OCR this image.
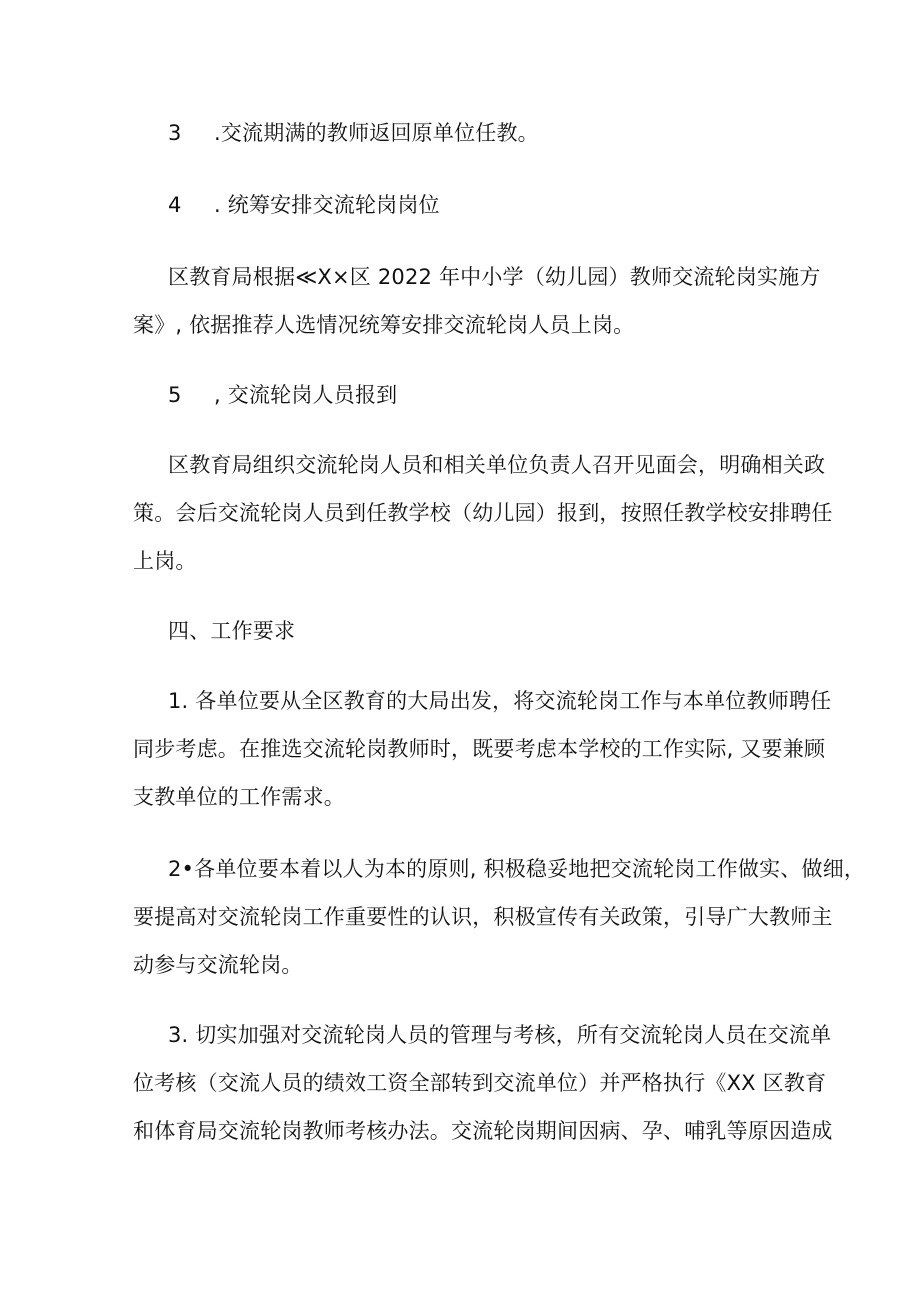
3 .交流期满的教师返回原单位任教。
4 . 统筹安排交流轮岗岗位
区教育局根据≪X×区 2022 年中小学（幼儿园）教师交流轮岗实施方
案》, 依据推荐人选情况统筹安排交流轮岗人员上岗。
5 , 交流轮岗人员报到
区教育局组织交流轮岗人员和相关单位负责人召开见面会，明确相关政
策。会后交流轮岗人员到任教学校（幼儿园）报到，按照任教学校安排聘任
上岗。
四、工作要求
1. 各单位要从全区教育的大局出发，将交流轮岗工作与本单位教师聘任
同步考虑。在推选交流轮岗教师时，既要考虑本学校的工作实际, 又要兼顾
支教单位的工作需求。
2•各单位要本着以人为本的原则, 积极稳妥地把交流轮岗工作做实、做细，
要提高对交流轮岗工作重要性的认识，积极宣传有关政策，引导广大教师主
动参与交流轮岗。
3. 切实加强对交流轮岗人员的管理与考核，所有交流轮岗人员在交流单
位考核（交流人员的绩效工资全部转到交流单位）并严格执行《XX 区教育
和体育局交流轮岗教师考核办法。交流轮岗期间因病、孕、哺乳等原因造成
